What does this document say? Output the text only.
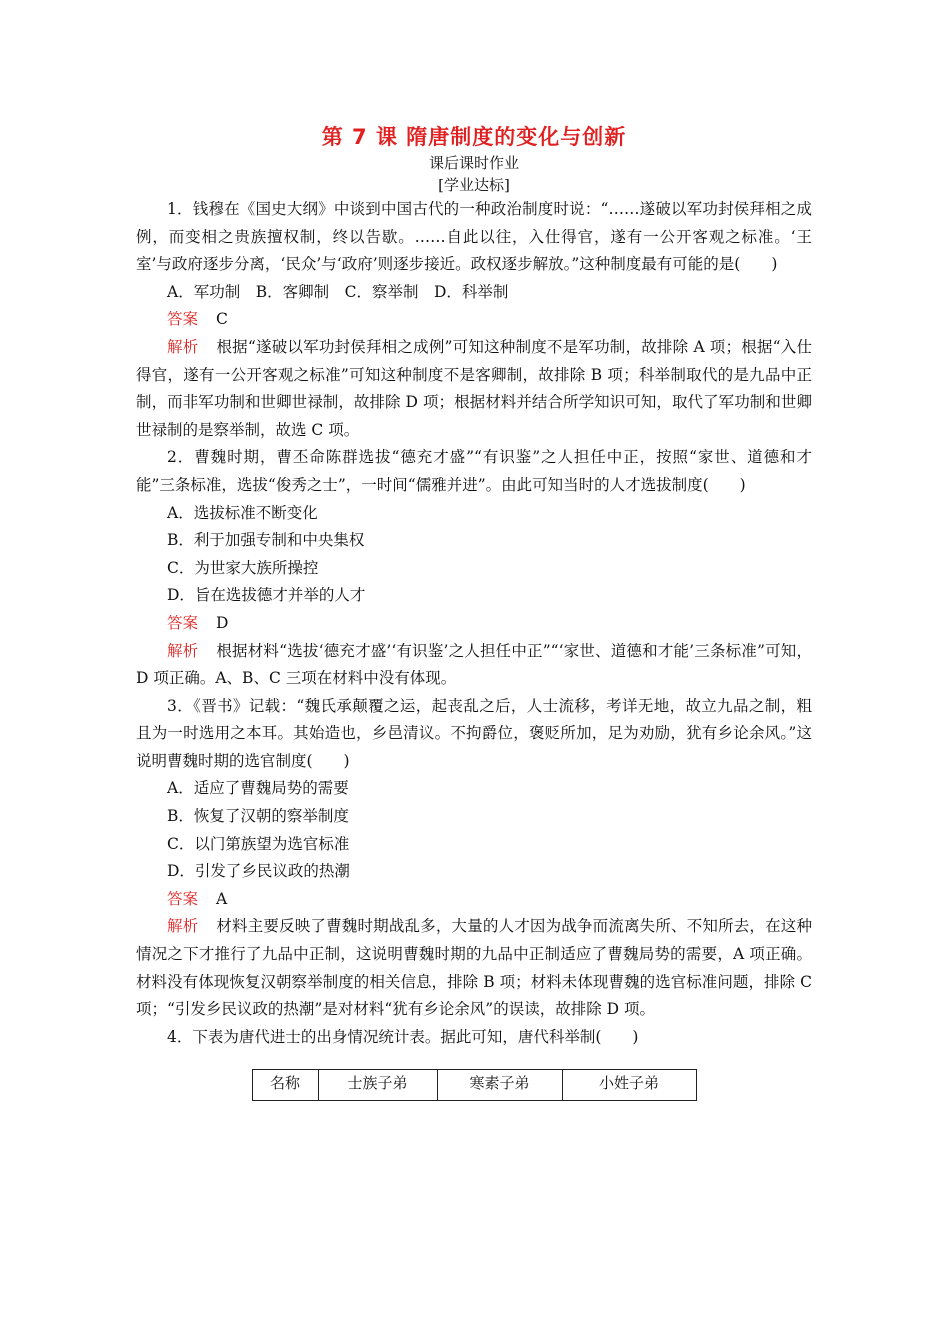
第 7 课 隋唐制度的变化与创新
课后课时作业
[学业达标]

1．钱穆在《国史大纲》中谈到中国古代的一种政治制度时说：“……遂破以军功封侯拜相之成例，而变相之贵族擅权制，终以告歇。……自此以往，入仕得官，遂有一公开客观之标准。‘王室’与政府逐步分离，‘民众’与‘政府’则逐步接近。政权逐步解放。”这种制度最有可能的是(　　)

A．军功制　B．客卿制　C．察举制　D．科举制

答案 C

解析 根据“遂破以军功封侯拜相之成例”可知这种制度不是军功制，故排除 A 项；根据“入仕得官，遂有一公开客观之标准”可知这种制度不是客卿制，故排除 B 项；科举制取代的是九品中正制，而非军功制和世卿世禄制，故排除 D 项；根据材料并结合所学知识可知，取代了军功制和世卿世禄制的是察举制，故选 C 项。

2．曹魏时期，曹丕命陈群选拔“德充才盛”“有识鉴”之人担任中正，按照“家世、道德和才能”三条标准，选拔“俊秀之士”，一时间“儒雅并进”。由此可知当时的人才选拔制度(　　)

A．选拔标准不断变化

B．利于加强专制和中央集权

C．为世家大族所操控

D．旨在选拔德才并举的人才

答案 D

解析 根据材料“选拔‘德充才盛’‘有识鉴’之人担任中正”“‘家世、道德和才能’三条标准”可知，D 项正确。A、B、C 三项在材料中没有体现。

3．《晋书》记载：“魏氏承颠覆之运，起丧乱之后，人士流移，考详无地，故立九品之制，粗且为一时选用之本耳。其始造也，乡邑清议。不拘爵位，褒贬所加，足为劝励，犹有乡论余风。”这说明曹魏时期的选官制度(　　)

A．适应了曹魏局势的需要

B．恢复了汉朝的察举制度

C．以门第族望为选官标准

D．引发了乡民议政的热潮

答案 A

解析 材料主要反映了曹魏时期战乱多，大量的人才因为战争而流离失所、不知所去，在这种情况之下才推行了九品中正制，这说明曹魏时期的九品中正制适应了曹魏局势的需要，A 项正确。材料没有体现恢复汉朝察举制度的相关信息，排除 B 项；材料未体现曹魏的选官标准问题，排除 C 项；“引发乡民议政的热潮”是对材料“犹有乡论余风”的误读，故排除 D 项。

4．下表为唐代进士的出身情况统计表。据此可知，唐代科举制(　　)

名称	士族子弟	寒素子弟	小姓子弟
